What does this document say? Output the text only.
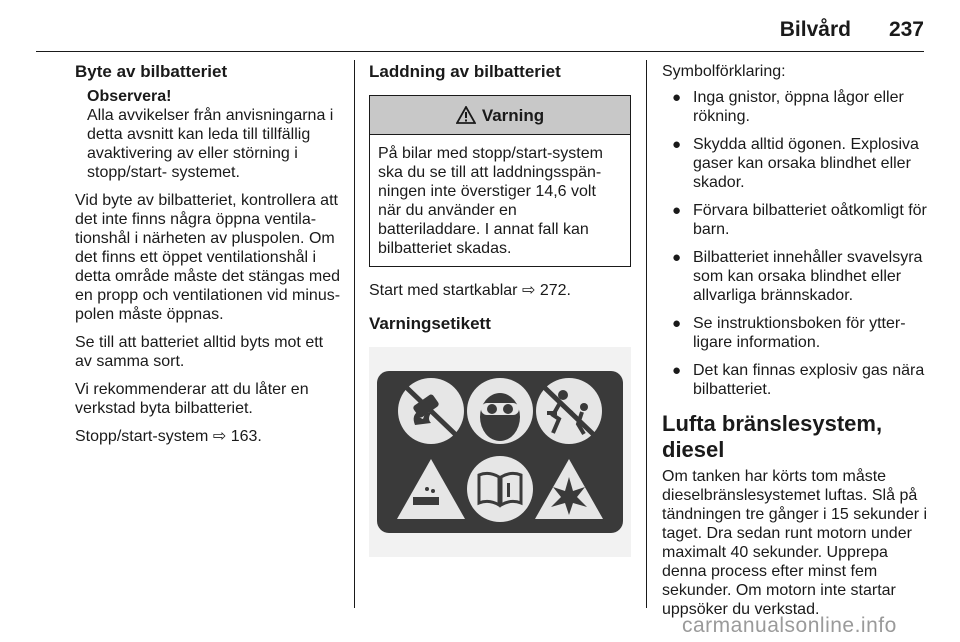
Bilvård 237
Byte av bilbatteriet
Observera!
Alla avvikelser från anvisningarna i detta avsnitt kan leda till tillfällig avaktivering av eller störning i stopp/start- systemet.

Vid byte av bilbatteriet, kontrollera att det inte finns några öppna ventilationshål i närheten av pluspolen. Om det finns ett öppet ventilationshål i detta område måste det stängas med en propp och ventilationen vid minuspolen måste öppnas.

Se till att batteriet alltid byts mot ett av samma sort.

Vi rekommenderar att du låter en verkstad byta bilbatteriet.

Stopp/start-system ⇨ 163.

Laddning av bilbatteriet
Varning
På bilar med stopp/start-system ska du se till att laddningsspänningen inte överstiger 14,6 volt när du använder en batteriladdare. I annat fall kan bilbatteriet skadas.

Start med startkablar ⇨ 272.

Varningsetikett

Symbolförklaring:

● Inga gnistor, öppna lågor eller rökning.
● Skydda alltid ögonen. Explosiva gaser kan orsaka blindhet eller skador.
● Förvara bilbatteriet oåtkomligt för barn.
● Bilbatteriet innehåller svavelsyra som kan orsaka blindhet eller allvarliga brännskador.
● Se instruktionsboken för ytterligare information.
● Det kan finnas explosiv gas nära bilbatteriet.
Lufta bränslesystem, diesel

Om tanken har körts tom måste dieselbränslesystemet luftas. Slå på tändningen tre gånger i 15 sekunder i taget. Dra sedan runt motorn under maximalt 40 sekunder. Upprepa denna process efter minst fem sekunder. Om motorn inte startar uppsöker du verkstad.

carmanualsonline.info
